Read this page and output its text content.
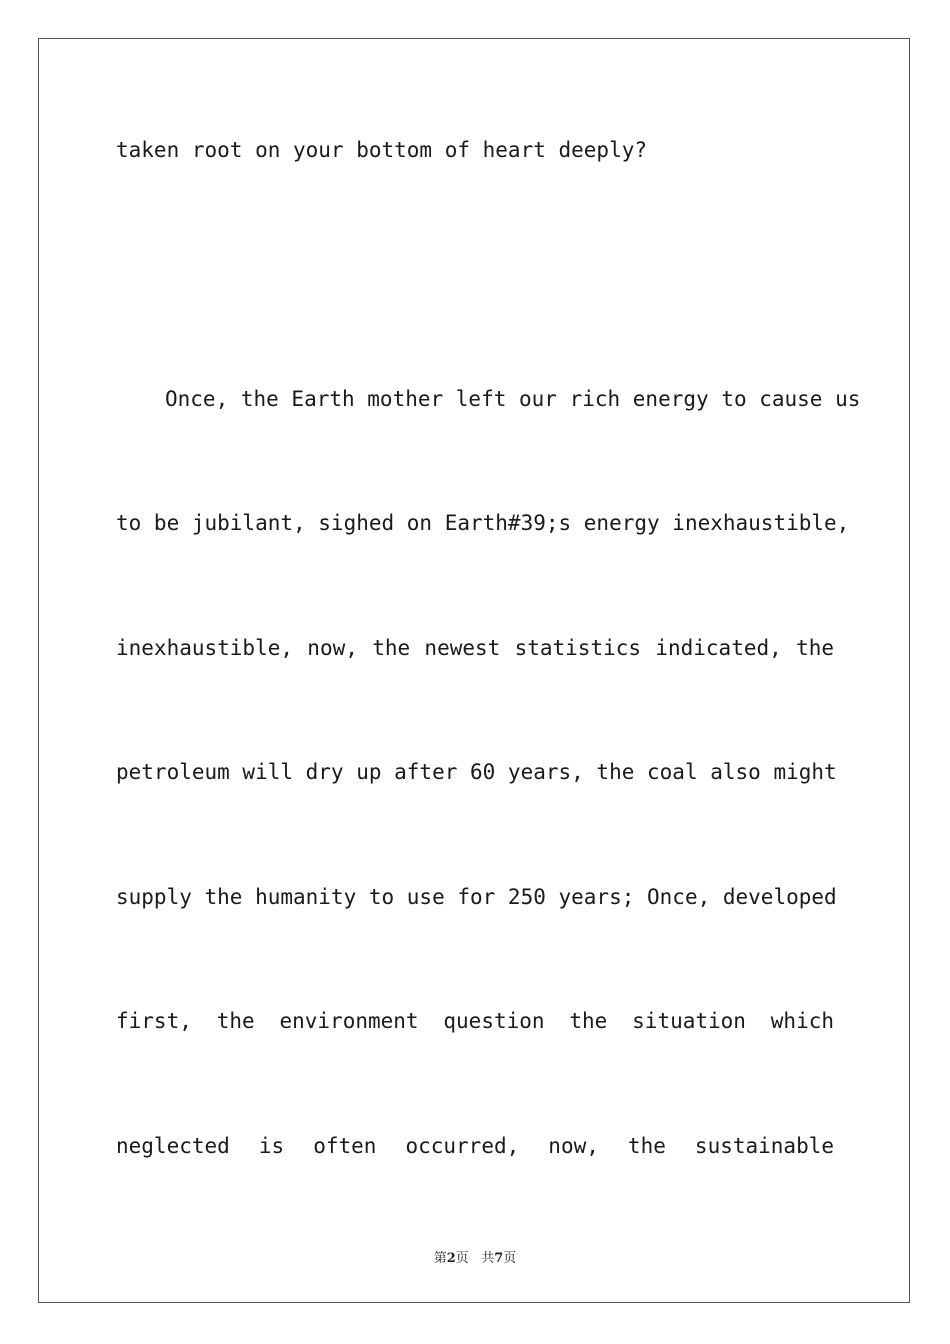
taken root on your bottom of heart deeply?
Once, the Earth mother left our rich energy to cause us
to be jubilant, sighed on Earth#39;s energy inexhaustible,
inexhaustible, now, the newest statistics indicated, the
petroleum will dry up after 60 years, the coal also might
supply the humanity to use for 250 years; Once, developed
first, the environment question the situation which
neglected is often occurred, now, the sustainable
第2页 共7页
